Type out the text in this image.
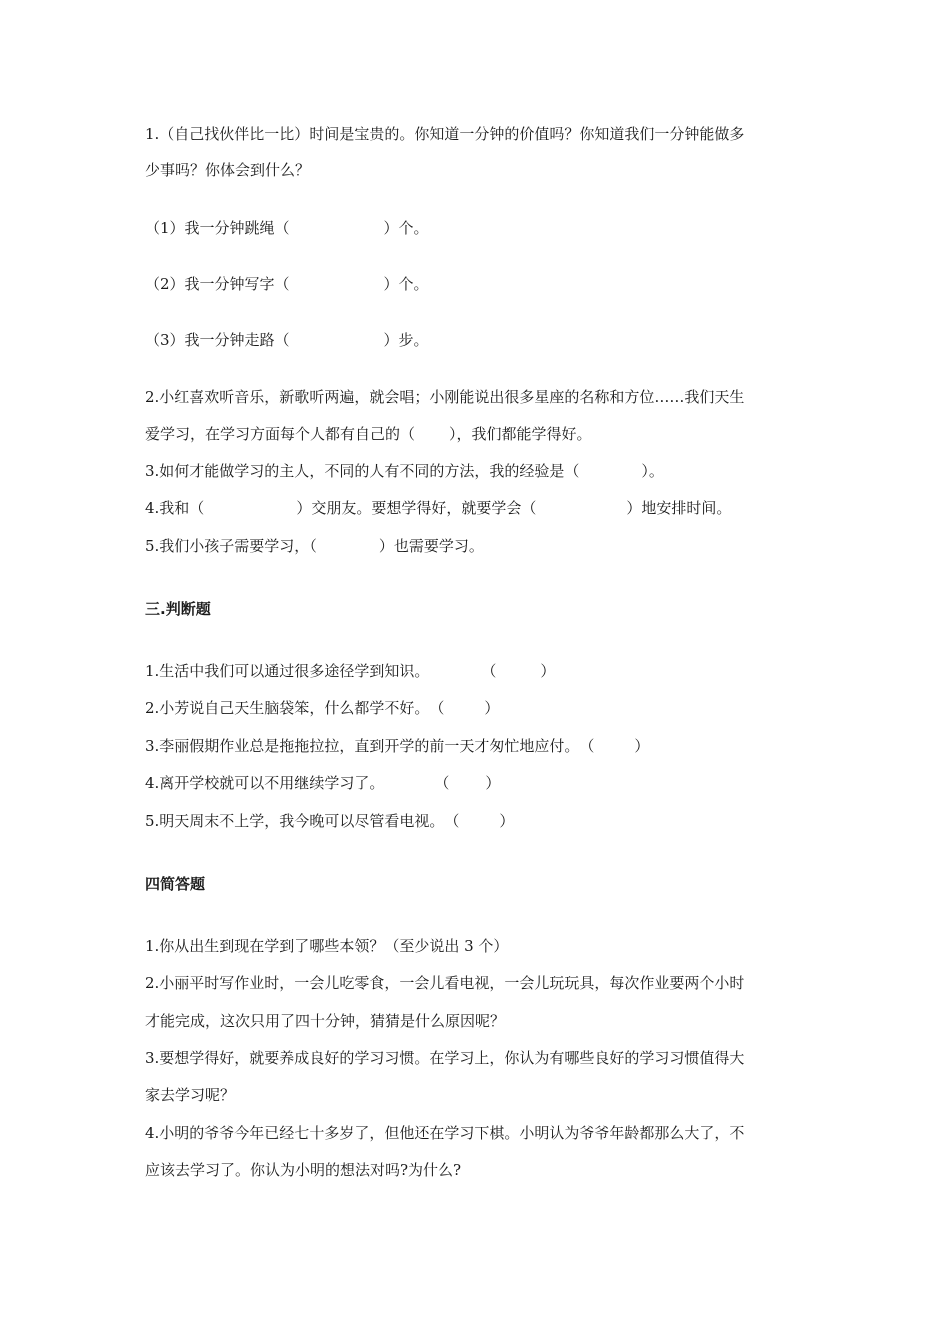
1.（自己找伙伴比一比）时间是宝贵的。你知道一分钟的价值吗？你知道我们一分钟能做多
少事吗？你体会到什么？
（1）我一分钟跳绳（	）个。
（2）我一分钟写字（	）个。
（3）我一分钟走路（	）步。
2.小红喜欢听音乐，新歌听两遍，就会唱；小刚能说出很多星座的名称和方位……我们天生
爱学习，在学习方面每个人都有自己的（ ），我们都能学得好。
3.如何才能做学习的主人，不同的人有不同的方法，我的经验是（	）。
4.我和（	）交朋友。要想学得好，就要学会（	）地安排时间。
5.我们小孩子需要学习，（	）也需要学习。
三.判断题
1.生活中我们可以通过很多途径学到知识。	（	）
2.小芳说自己天生脑袋笨，什么都学不好。（	）
3.李丽假期作业总是拖拖拉拉，直到开学的前一天才匆忙地应付。（	）
4.离开学校就可以不用继续学习了。	（ ）
5.明天周末不上学，我今晚可以尽管看电视。（	）
四简答题
1.你从出生到现在学到了哪些本领？（至少说出 3 个）
2.小丽平时写作业时，一会儿吃零食，一会儿看电视，一会儿玩玩具，每次作业要两个小时
才能完成，这次只用了四十分钟，猜猜是什么原因呢？
3.要想学得好，就要养成良好的学习习惯。在学习上，你认为有哪些良好的学习习惯值得大
家去学习呢？
4.小明的爷爷今年已经七十多岁了，但他还在学习下棋。小明认为爷爷年龄都那么大了，不
应该去学习了。你认为小明的想法对吗?为什么?
